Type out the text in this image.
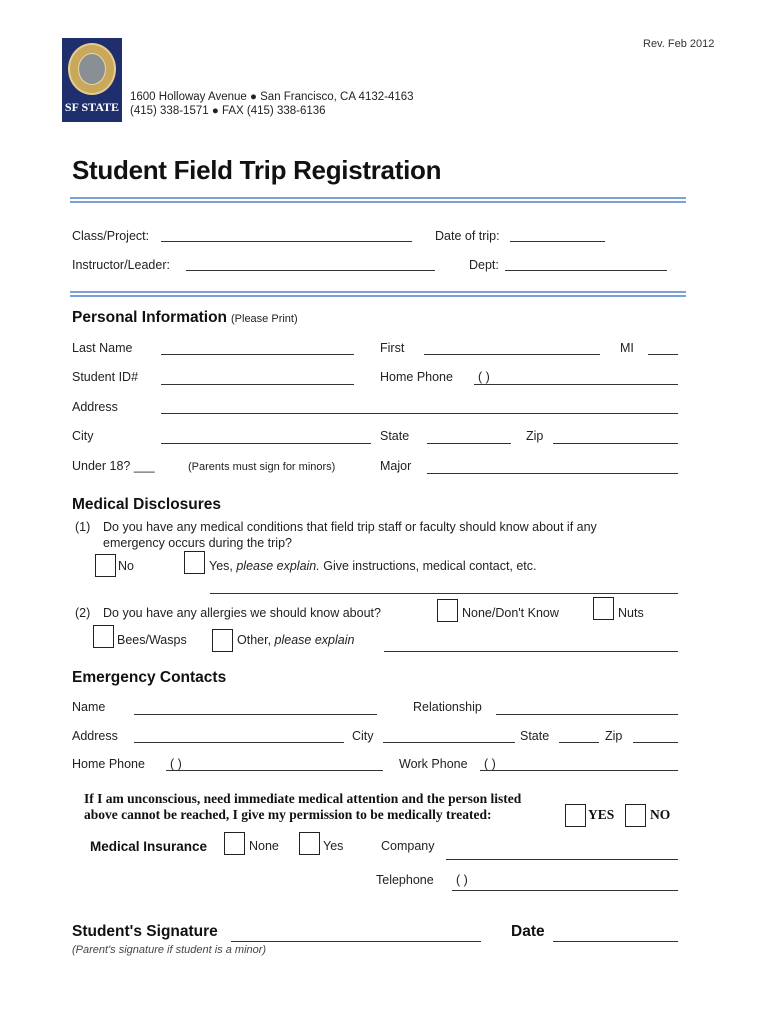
Rev. Feb 2012
SF STATE
1600 Holloway Avenue ● San Francisco, CA 4132-4163
(415) 338-1571 ● FAX (415) 338-6136
Student Field Trip Registration
Class/Project:	Date of trip:
Instructor/Leader:	Dept:
Personal Information (Please Print)
Last Name	First	MI
Student ID#	Home Phone ( )
Address
City	State	Zip
Under 18? ___	(Parents must sign for minors)	Major
Medical Disclosures
(1) Do you have any medical conditions that field trip staff or faculty should know about if any
emergency occurs during the trip?
No	Yes, please explain. Give instructions, medical contact, etc.
(2) Do you have any allergies we should know about?	None/Don't Know	Nuts
Bees/Wasps	Other, please explain
Emergency Contacts
Name	Relationship
Address	City	State	Zip
Home Phone ( )	Work Phone ( )
If I am unconscious, need immediate medical attention and the person listed
above cannot be reached, I give my permission to be medically treated:	YES	NO
Medical Insurance	None	Yes	Company
Telephone ( )
Student's Signature	Date
(Parent's signature if student is a minor)
